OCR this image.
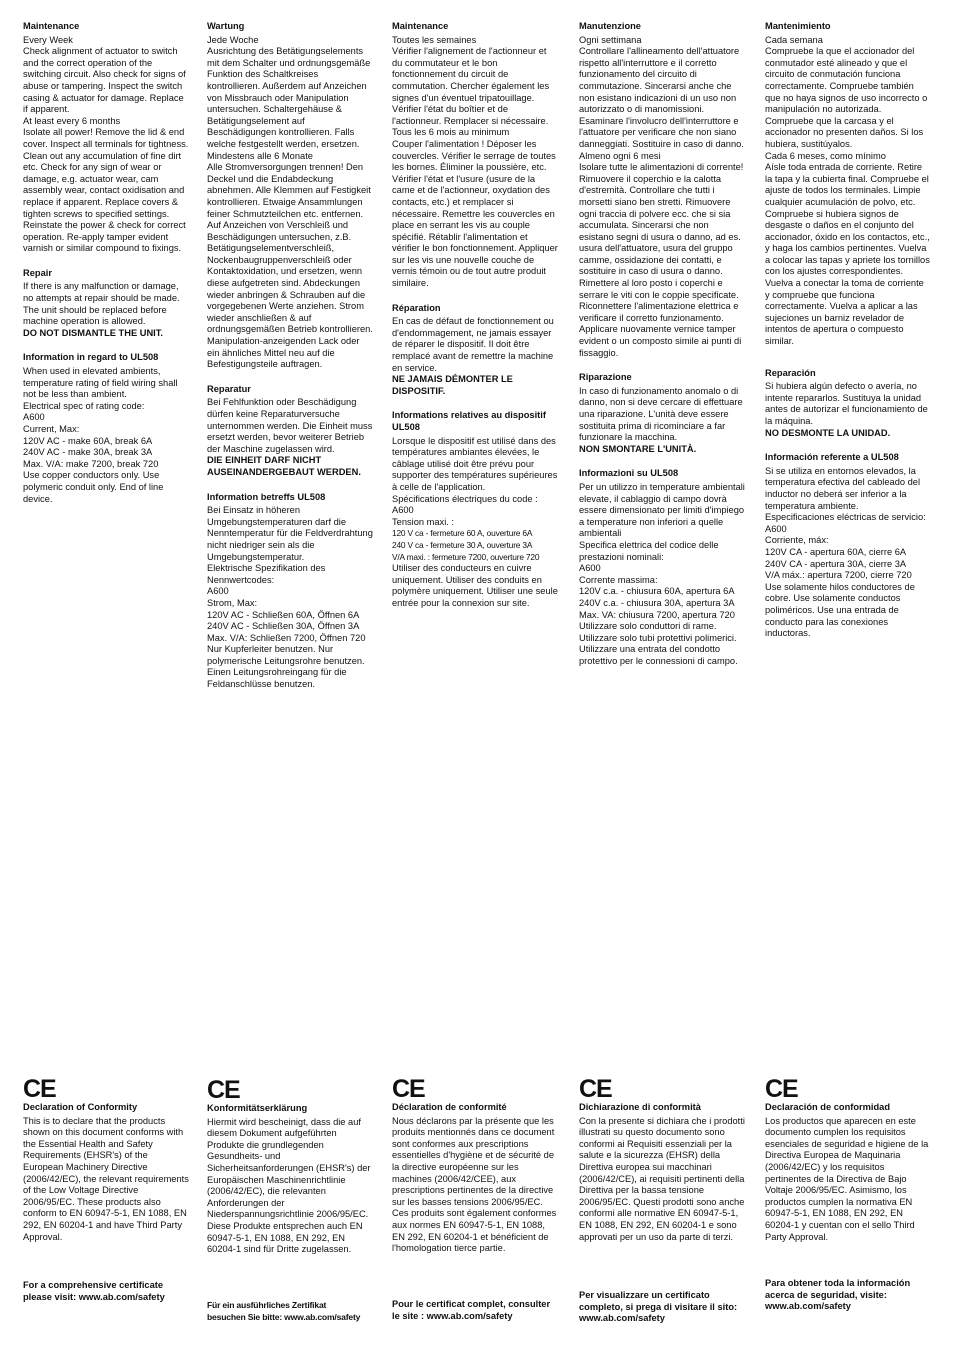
Maintenance

Every Week
Check alignment of actuator to switch and the correct operation of the switching circuit. Also check for signs of abuse or tampering. Inspect the switch casing & actuator for damage. Replace if apparent.
At least every 6 months
Isolate all power! Remove the lid & end cover. Inspect all terminals for tightness. Clean out any accumulation of fine dirt etc. Check for any sign of wear or damage, e.g. actuator wear, cam assembly wear, contact oxidisation and replace if apparent. Replace covers & tighten screws to specified settings. Reinstate the power & check for correct operation. Re-apply tamper evident varnish or similar compound to fixings.

Repair

If there is any malfunction or damage, no attempts at repair should be made. The unit should be replaced before machine operation is allowed.

DO NOT DISMANTLE THE UNIT.

Information in regard to UL508

When used in elevated ambients, temperature rating of field wiring shall not be less than ambient.
Electrical spec of rating code:
A600
Current, Max:
120V AC - make 60A, break 6A
240V AC - make 30A, break 3A
Max. V/A: make 7200, break 720
Use copper conductors only. Use polymeric conduit only. End of line device.

Wartung

Jede Woche
Ausrichtung des Betätigungselements mit dem Schalter und ordnungsgemäße Funktion des Schaltkreises kontrollieren. Außerdem auf Anzeichen von Missbrauch oder Manipulation untersuchen. Schaltergehäuse & Betätigungselement auf Beschädigungen kontrollieren. Falls welche festgestellt werden, ersetzen.
Mindestens alle 6 Monate
Alle Stromversorgungen trennen! Den Deckel und die Endabdeckung abnehmen. Alle Klemmen auf Festigkeit kontrollieren. Etwaige Ansammlungen feiner Schmutzteilchen etc. entfernen. Auf Anzeichen von Verschleiß und Beschädigungen untersuchen, z.B. Betätigungselementverschleiß, Nockenbaugruppenverschleiß oder Kontaktoxidation, und ersetzen, wenn diese aufgetreten sind. Abdeckungen wieder anbringen & Schrauben auf die vorgegebenen Werte anziehen. Strom wieder anschließen & auf ordnungsgemäßen Betrieb kontrollieren. Manipulation-anzeigenden Lack oder ein ähnliches Mittel neu auf die Befestigungsteile auftragen.

Reparatur

Bei Fehlfunktion oder Beschädigung dürfen keine Reparaturversuche unternommen werden. Die Einheit muss ersetzt werden, bevor weiterer Betrieb der Maschine zugelassen wird.

DIE EINHEIT DARF NICHT AUSEINANDERGEBAUT WERDEN.

Information betreffs UL508

Bei Einsatz in höheren Umgebungstemperaturen darf die Nenntemperatur für die Feldverdrahtung nicht niedriger sein als die Umgebungstemperatur.
Elektrische Spezifikation des Nennwertcodes:
A600
Strom, Max:
120V AC - Schließen 60A, Öffnen 6A
240V AC - Schließen 30A, Öffnen 3A
Max. V/A: Schließen 7200, Öffnen 720
Nur Kupferleiter benutzen. Nur polymerische Leitungsrohre benutzen. Einen Leitungsrohreingang für die Feldanschlüsse benutzen.

Maintenance

Toutes les semaines
Vérifier l'alignement de l'actionneur et du commutateur et le bon fonctionnement du circuit de commutation. Chercher également les signes d'un éventuel tripatouillage. Vérifier l'état du boîtier et de l'actionneur. Remplacer si nécessaire.
Tous les 6 mois au minimum
Couper l'alimentation ! Déposer les couvercles. Vérifier le serrage de toutes les bornes. Éliminer la poussière, etc. Vérifier l'état et l'usure (usure de la came et de l'actionneur, oxydation des contacts, etc.) et remplacer si nécessaire. Remettre les couvercles en place en serrant les vis au couple spécifié. Rétablir l'alimentation et vérifier le bon fonctionnement. Appliquer sur les vis une nouvelle couche de vernis témoin ou de tout autre produit similaire.

Réparation

En cas de défaut de fonctionnement ou d'endommagement, ne jamais essayer de réparer le dispositif. Il doit être remplacé avant de remettre la machine en service.

NE JAMAIS DÉMONTER LE DISPOSITIF.

Informations relatives au dispositif UL508

Lorsque le dispositif est utilisé dans des températures ambiantes élevées, le câblage utilisé doit être prévu pour supporter des températures supérieures à celle de l'application.
Spécifications électriques du code :
A600
Tension maxi. :

120 V ca - fermeture 60 A, ouverture 6A
240 V ca - fermeture 30 A, ouverture 3A
V/A maxi. : fermeture 7200, ouverture 720

Utiliser des conducteurs en cuivre uniquement. Utiliser des conduits en polymère uniquement. Utiliser une seule entrée pour la connexion sur site.

Manutenzione

Ogni settimana
Controllare l'allineamento dell'attuatore rispetto all'interruttore e il corretto funzionamento del circuito di commutazione. Sincerarsi anche che non esistano indicazioni di un uso non autorizzato o di manomissioni. Esaminare l'involucro dell'interruttore e l'attuatore per verificare che non siano danneggiati. Sostituire in caso di danno.
Almeno ogni 6 mesi
Isolare tutte le alimentazioni di corrente! Rimuovere il coperchio e la calotta d'estremità. Controllare che tutti i morsetti siano ben stretti. Rimuovere ogni traccia di polvere ecc. che si sia accumulata. Sincerarsi che non esistano segni di usura o danno, ad es. usura dell'attuatore, usura del gruppo camme, ossidazione dei contatti, e sostituire in caso di usura o danno. Rimettere al loro posto i coperchi e serrare le viti con le coppie specificate. Riconnettere l'alimentazione elettrica e verificare il corretto funzionamento. Applicare nuovamente vernice tamper evident o un composto simile ai punti di fissaggio.

Riparazione

In caso di funzionamento anomalo o di danno, non si deve cercare di effettuare una riparazione. L'unità deve essere sostituita prima di ricominciare a far funzionare la macchina.

NON SMONTARE L'UNITÀ.

Informazioni su UL508

Per un utilizzo in temperature ambientali elevate, il cablaggio di campo dovrà essere dimensionato per limiti d'impiego a temperature non inferiori a quelle ambientali
Specifica elettrica del codice delle prestazioni nominali:
A600
Corrente massima:
120V c.a. - chiusura 60A, apertura 6A
240V c.a. - chiusura 30A, apertura 3A
Max. VA: chiusura 7200, apertura 720
Utilizzare solo conduttori di rame. Utilizzare solo tubi protettivi polimerici. Utilizzare una entrata del condotto protettivo per le connessioni di campo.

Mantenimiento

Cada semana
Compruebe la que el accionador del conmutador esté alineado y que el circuito de conmutación funciona correctamente. Compruebe también que no haya signos de uso incorrecto o manipulación no autorizada. Compruebe que la carcasa y el accionador no presenten daños. Si los hubiera, sustitúyalos.
Cada 6 meses, como mínimo
Aísle toda entrada de corriente. Retire la tapa y la cubierta final. Compruebe el ajuste de todos los terminales. Limpie cualquier acumulación de polvo, etc. Compruebe si hubiera signos de desgaste o daños en el conjunto del accionador, óxido en los contactos, etc., y haga los cambios pertinentes. Vuelva a colocar las tapas y apriete los tornillos con los ajustes correspondientes. Vuelva a conectar la toma de corriente y compruebe que funciona correctamente. Vuelva a aplicar a las sujeciones un barniz revelador de intentos de apertura o compuesto similar.

Reparación

Si hubiera algún defecto o avería, no intente repararlos. Sustituya la unidad antes de autorizar el funcionamiento de la máquina.

NO DESMONTE LA UNIDAD.

Información referente a UL508

Si se utiliza en entornos elevados, la temperatura efectiva del cableado del inductor no deberá ser inferior a la temperatura ambiente.
Especificaciones eléctricas de servicio:
A600
Corriente, máx:
120V CA - apertura 60A, cierre 6A
240V CA - apertura 30A, cierre 3A
V/A máx.: apertura 7200, cierre 720
Use solamente hilos conductores de cobre. Use solamente conductos poliméricos. Use una entrada de conducto para las conexiones inductoras.

CE

Declaration of Conformity

This is to declare that the products shown on this document conforms with the Essential Health and Safety Requirements (EHSR's) of the European Machinery Directive (2006/42/EC), the relevant requirements of the Low Voltage Directive 2006/95/EC. These products also conform to EN 60947-5-1, EN 1088, EN 292, EN 60204-1 and have Third Party Approval.

For a comprehensive certificate
please visit: www.ab.com/safety
CE

Konformitätserklärung

Hiermit wird bescheinigt, dass die auf diesem Dokument aufgeführten Produkte die grundlegenden Gesundheits- und Sicherheitsanforderungen (EHSR's) der Europäischen Maschinenrichtlinie (2006/42/EC), die relevanten Anforderungen der Niederspannungsrichtlinie 2006/95/EC. Diese Produkte entsprechen auch EN 60947-5-1, EN 1088, EN 292, EN 60204-1 sind für Dritte zugelassen.

Für ein ausführliches Zertifikat
besuchen Sie bitte: www.ab.com/safety
CE

Déclaration de conformité

Nous déclarons par la présente que les produits mentionnés dans ce document sont conformes aux prescriptions essentielles d'hygiène et de sécurité de la directive européenne sur les machines (2006/42/CEE), aux prescriptions pertinentes de la directive sur les basses tensions 2006/95/EC. Ces produits sont également conformes aux normes EN 60947-5-1, EN 1088, EN 292, EN 60204-1 et bénéficient de l'homologation tierce partie.

Pour le certificat complet, consulter
le site : www.ab.com/safety
CE

Dichiarazione di conformità

Con la presente si dichiara che i prodotti illustrati su questo documento sono conformi ai Requisiti essenziali per la salute e la sicurezza (EHSR) della Direttiva europea sui macchinari (2006/42/CE), ai requisiti pertinenti della Direttiva per la bassa tensione 2006/95/EC. Questi prodotti sono anche conformi alle normative EN 60947-5-1, EN 1088, EN 292, EN 60204-1 e sono approvati per un uso da parte di terzi.

Per visualizzare un certificato
completo, si prega di visitare il sito:
www.ab.com/safety
CE

Declaración de conformidad

Los productos que aparecen en este documento cumplen los requisitos esenciales de seguridad e higiene de la Directiva Europea de Maquinaria (2006/42/EC) y los requisitos pertinentes de la Directiva de Bajo Voltaje 2006/95/EC. Asimismo, los productos cumplen la normativa EN 60947-5-1, EN 1088, EN 292, EN 60204-1 y cuentan con el sello Third Party Approval.

Para obtener toda la información
acerca de seguridad, visite:
www.ab.com/safety
